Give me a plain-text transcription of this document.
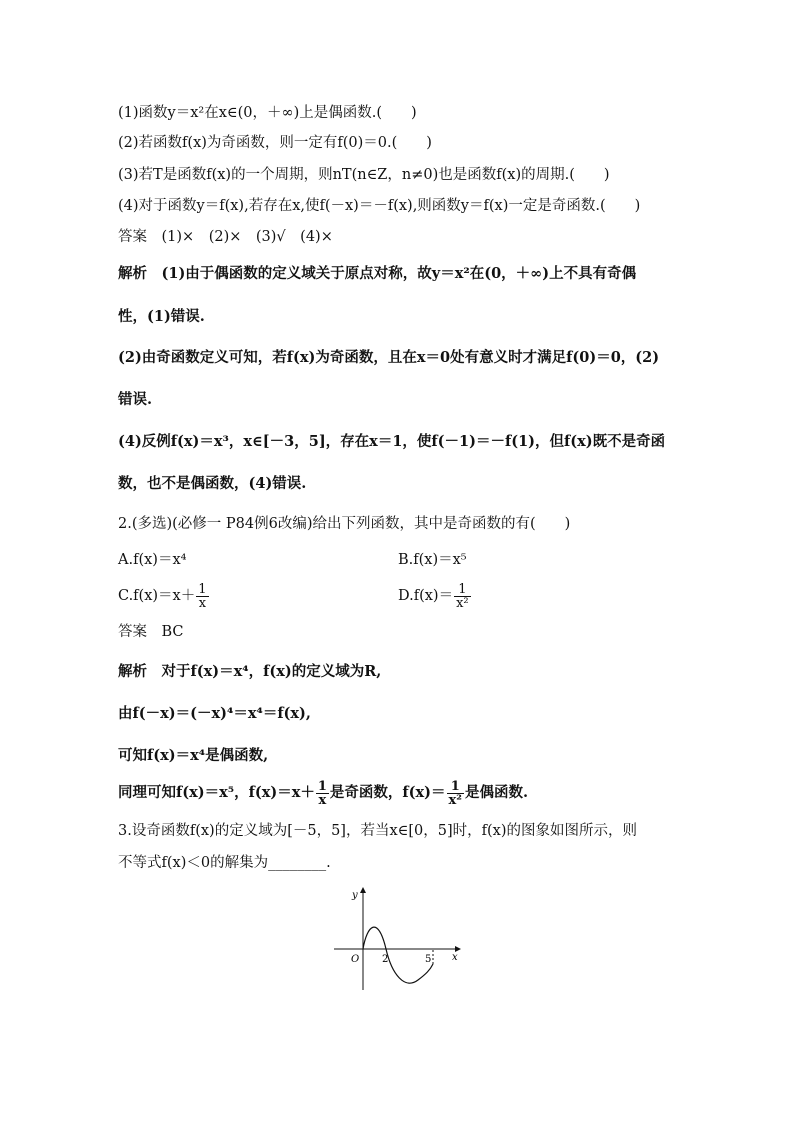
(1)函数y＝x²在x∈(0，＋∞)上是偶函数.(　　)
(2)若函数f(x)为奇函数，则一定有f(0)＝0.(　　)
(3)若T是函数f(x)的一个周期，则nT(n∈Z，n≠0)也是函数f(x)的周期.(　　)
(4)对于函数y＝f(x),若存在x,使f(－x)＝－f(x),则函数y＝f(x)一定是奇函数.(　　)
答案　(1)×　(2)×　(3)√　(4)×
解析　(1)由于偶函数的定义域关于原点对称，故y＝x²在(0，＋∞)上不具有奇偶
性，(1)错误.
(2)由奇函数定义可知，若f(x)为奇函数，且在x＝0处有意义时才满足f(0)＝0，(2)
错误.
(4)反例f(x)＝x³，x∈[－3，5]，存在x＝1，使f(－1)＝－f(1)，但f(x)既不是奇函
数，也不是偶函数，(4)错误.
2.(多选)(必修一 P84例6改编)给出下列函数，其中是奇函数的有(　　)
A.f(x)＝x⁴	B.f(x)＝x⁵
$C.f(x)=x+ \frac{1}{x}$	$D.f(x)= \frac{1}{\text{x²}}$
答案　BC
解析　对于f(x)＝x⁴，f(x)的定义域为R,
由f(－x)＝(－x)⁴＝x⁴＝f(x),
可知f(x)＝x⁴是偶函数,
同理可知f(x)＝x⁵，$f(x)=x+ \frac{1}{x}$ 是奇函数，$f(x)= \frac{1}{\text{x²}}$ 是偶函数.
3.设奇函数f(x)的定义域为[－5，5]，若当x∈[0，5]时，f(x)的图象如图所示，则
不等式f(x)＜0的解集为________.
y
x
O 2	5
